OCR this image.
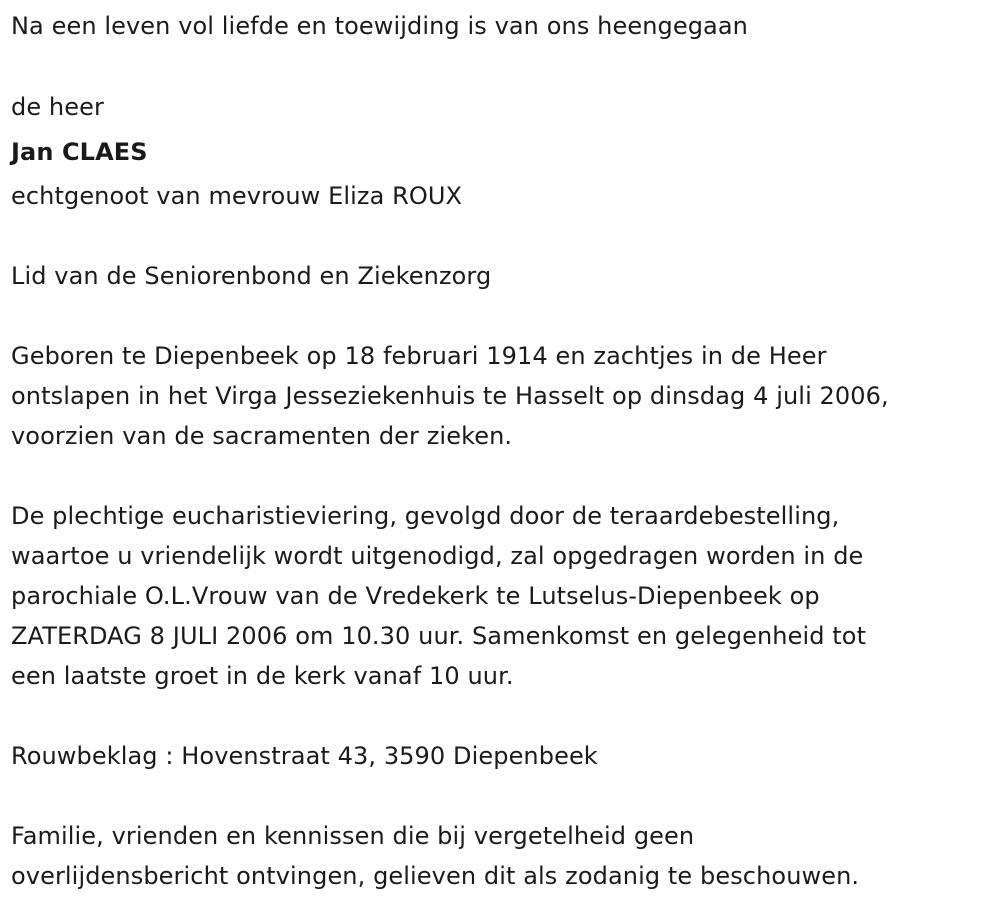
Na een leven vol liefde en toewijding is van ons heengegaan

de heer

Jan CLAES

echtgenoot van mevrouw Eliza ROUX

Lid van de Seniorenbond en Ziekenzorg

Geboren te Diepenbeek op 18 februari 1914 en zachtjes in de Heer

ontslapen in het Virga Jesseziekenhuis te Hasselt op dinsdag 4 juli 2006,

voorzien van de sacramenten der zieken.

De plechtige eucharistieviering, gevolgd door de teraardebestelling,

waartoe u vriendelijk wordt uitgenodigd, zal opgedragen worden in de

parochiale O.L.Vrouw van de Vredekerk te Lutselus-Diepenbeek op

ZATERDAG 8 JULI 2006 om 10.30 uur. Samenkomst en gelegenheid tot

een laatste groet in de kerk vanaf 10 uur.

Rouwbeklag : Hovenstraat 43, 3590 Diepenbeek

Familie, vrienden en kennissen die bij vergetelheid geen

overlijdensbericht ontvingen, gelieven dit als zodanig te beschouwen.
